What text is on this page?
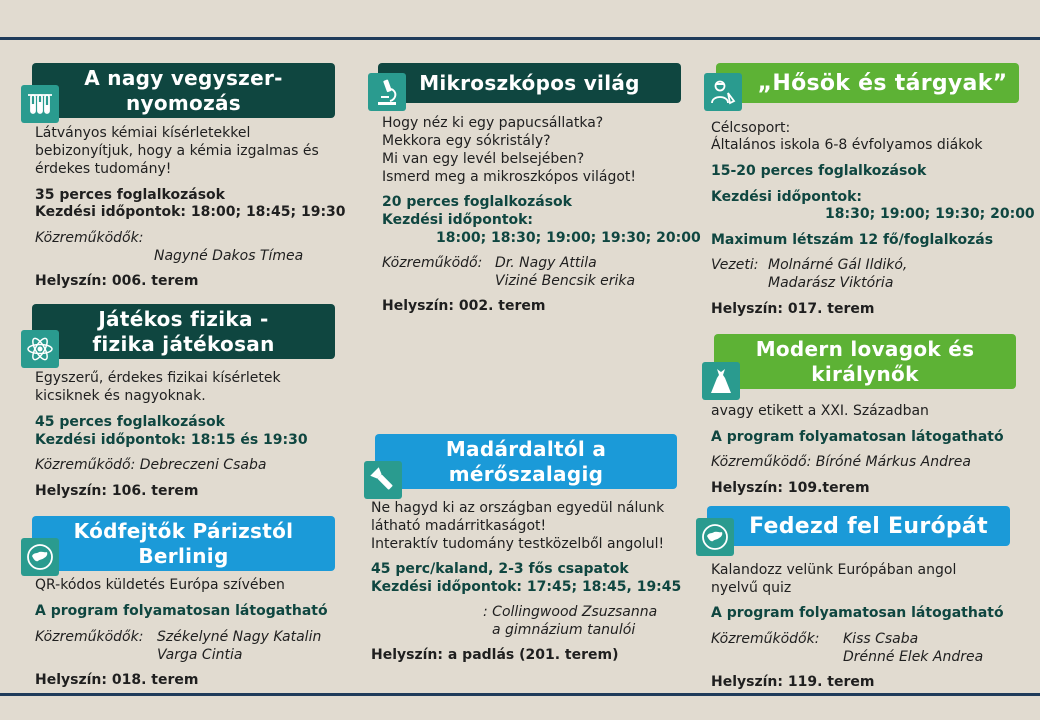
A nagy vegyszer-
nyomozás
Látványos kémiai kísérletekkel
bebizonyítjuk, hogy a kémia izgalmas és
érdekes tudomány!
35 perces foglalkozások
Kezdési időpontok: 18:00; 18:45; 19:30
Közreműködők:
Nagyné Dakos Tímea
Helyszín: 006. terem
Játékos fizika -
fizika játékosan
Egyszerű, érdekes fizikai kísérletek
kicsiknek és nagyoknak.
45 perces foglalkozások
Kezdési időpontok: 18:15 és 19:30
Közreműködő: Debreczeni Csaba
Helyszín: 106. terem
Kódfejtők Párizstól
Berlinig
QR-kódos küldetés Európa szívében
A program folyamatosan látogatható
Közreműködők: Székelyné Nagy Katalin
Varga Cintia
Helyszín: 018. terem
Mikroszkópos világ
Hogy néz ki egy papucsállatka?
Mekkora egy sókristály?
Mi van egy levél belsejében?
Ismerd meg a mikroszkópos világot!
20 perces foglalkozások
Kezdési időpontok:
18:00; 18:30; 19:00; 19:30; 20:00
Közreműködő: Dr. Nagy Attila
Viziné Bencsik erika
Helyszín: 002. terem
Madárdaltól a
mérőszalagig
Ne hagyd ki az országban egyedül nálunk
látható madárritkaságot!
Interaktív tudomány testközelből angolul!
45 perc/kaland, 2-3 fős csapatok
Kezdési időpontok: 17:45; 18:45, 19:45
: Collingwood Zsuzsanna
a gimnázium tanulói
Helyszín: a padlás (201. terem)
„Hősök és tárgyak”
Célcsoport:
Általános iskola 6-8 évfolyamos diákok
15-20 perces foglalkozások
Kezdési időpontok:
18:30; 19:00; 19:30; 20:00
Maximum létszám 12 fő/foglalkozás
Vezeti: Molnárné Gál Ildikó,
Madarász Viktória
Helyszín: 017. terem
Modern lovagok és
királynők
avagy etikett a XXI. Században
A program folyamatosan látogatható
Közreműködő: Bíróné Márkus Andrea
Helyszín: 109.terem
Fedezd fel Európát
Kalandozz velünk Európában angol
nyelvű quiz
A program folyamatosan látogatható
Közreműködők: Kiss Csaba
Drénné Elek Andrea
Helyszín: 119. terem
